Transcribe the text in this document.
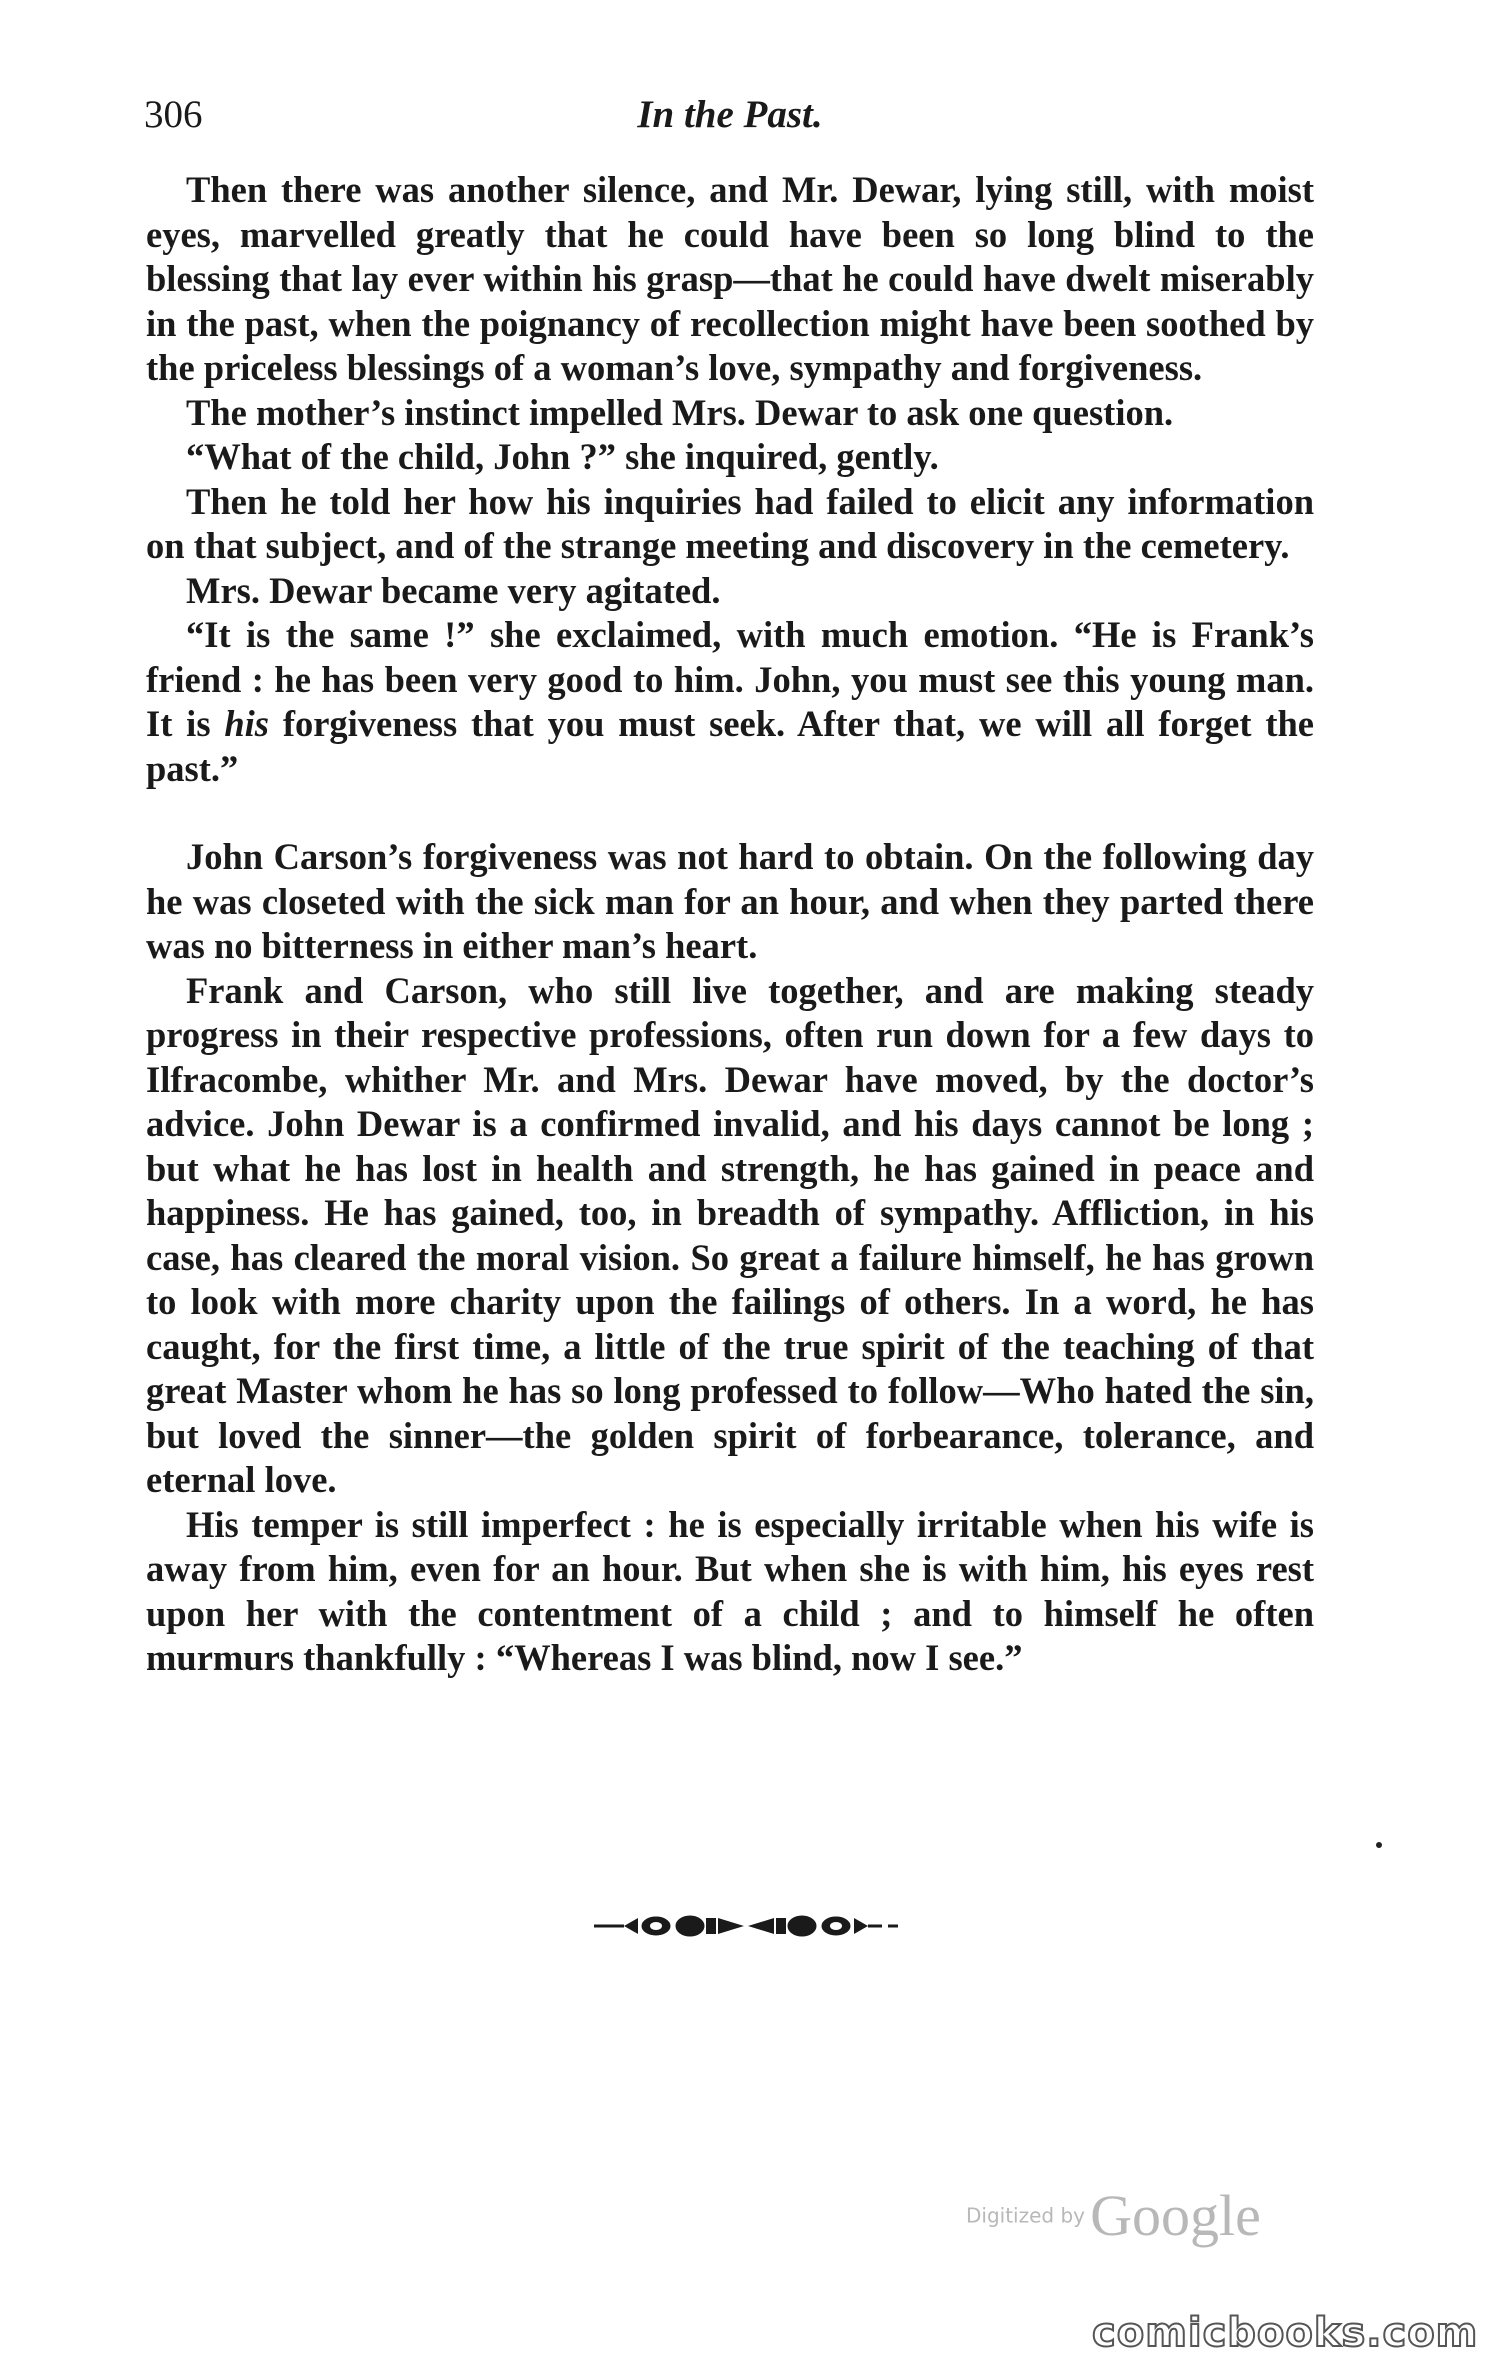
306	In the Past.

Then there was another silence, and Mr. Dewar, lying still, with moist eyes, marvelled greatly that he could have been so long blind to the blessing that lay ever within his grasp—that he could have dwelt miserably in the past, when the poignancy of recollection might have been soothed by the priceless blessings of a woman’s love, sympathy and forgiveness.

The mother’s instinct impelled Mrs. Dewar to ask one question.

“What of the child, John ?” she inquired, gently.

Then he told her how his inquiries had failed to elicit any information on that subject, and of the strange meeting and discovery in the cemetery.

Mrs. Dewar became very agitated.

“It is the same !” she exclaimed, with much emotion. “He is Frank’s friend : he has been very good to him. John, you must see this young man. It is his forgiveness that you must seek. After that, we will all forget the past.”

John Carson’s forgiveness was not hard to obtain. On the following day he was closeted with the sick man for an hour, and when they parted there was no bitterness in either man’s heart.

Frank and Carson, who still live together, and are making steady progress in their respective professions, often run down for a few days to Ilfracombe, whither Mr. and Mrs. Dewar have moved, by the doctor’s advice. John Dewar is a confirmed invalid, and his days cannot be long ; but what he has lost in health and strength, he has gained in peace and happiness. He has gained, too, in breadth of sympathy. Affliction, in his case, has cleared the moral vision. So great a failure himself, he has grown to look with more charity upon the failings of others. In a word, he has caught, for the first time, a little of the true spirit of the teaching of that great Master whom he has so long professed to follow—Who hated the sin, but loved the sinner—the golden spirit of forbearance, tolerance, and eternal love.

His temper is still imperfect : he is especially irritable when his wife is away from him, even for an hour. But when she is with him, his eyes rest upon her with the contentment of a child ; and to himself he often murmurs thankfully : “Whereas I was blind, now I see.”

Digitized by Google
comicbooks.com
